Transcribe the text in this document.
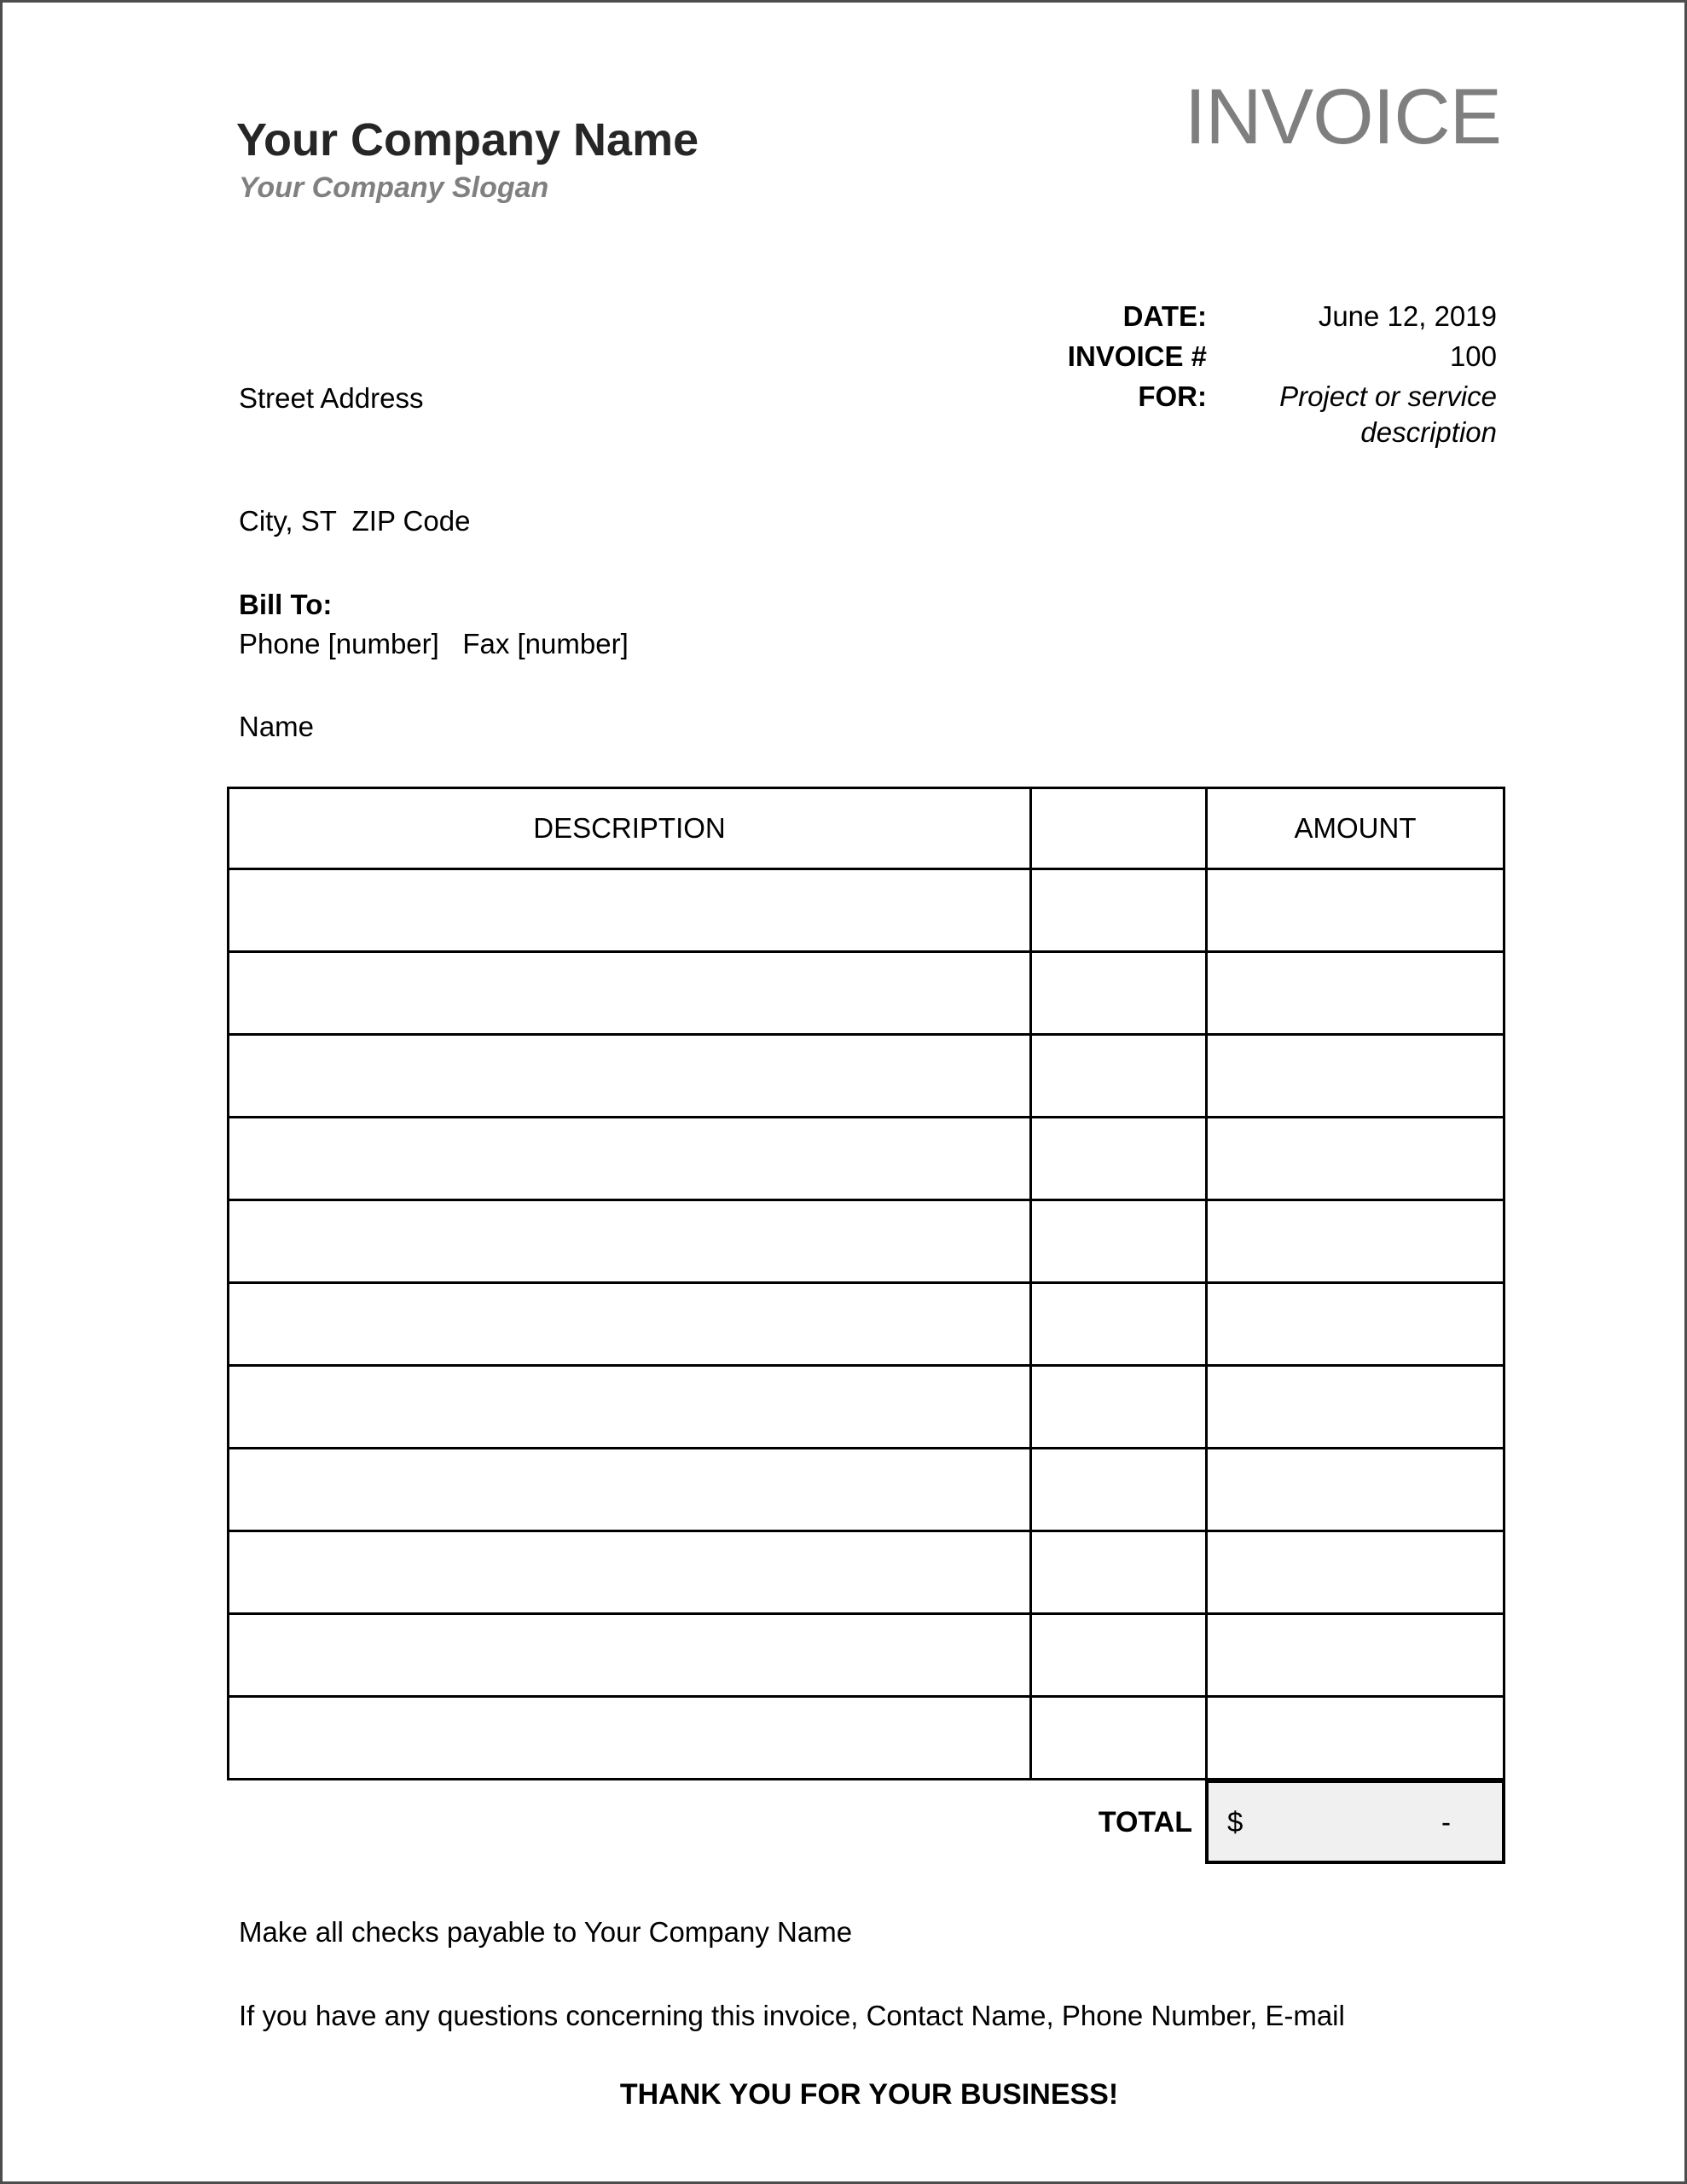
Your Company Name
Your Company Slogan
INVOICE

Street Address

City, ST  ZIP Code

Phone [number]   Fax [number]

DATE:	June 12, 2019
INVOICE #	100
FOR:	Project or service description

Bill To:

Name

DESCRIPTION		AMOUNT

TOTAL $	-
Make all checks payable to Your Company Name
If you have any questions concerning this invoice, Contact Name, Phone Number, E-mail
THANK YOU FOR YOUR BUSINESS!
